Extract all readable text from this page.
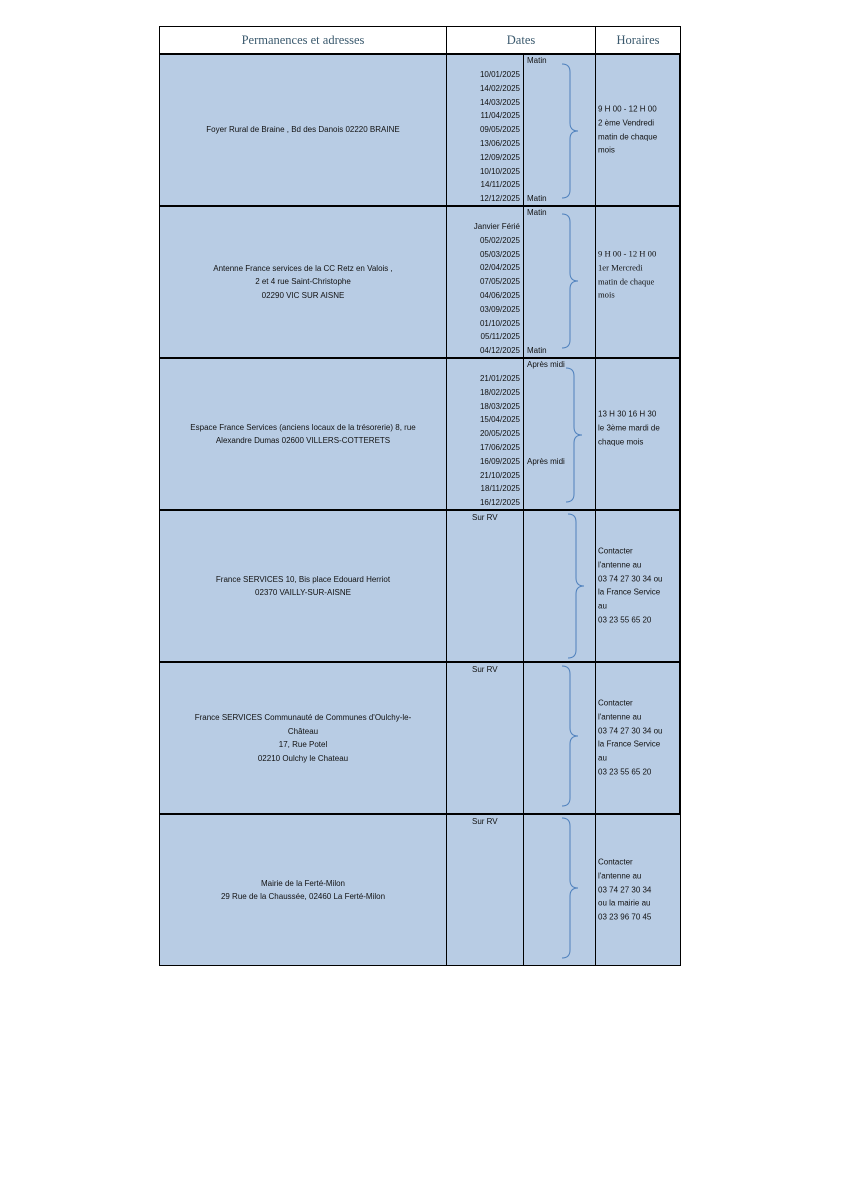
Permanences et adresses	Dates	Horaires
Foyer Rural de Braine , Bd des Danois 02220 BRAINE
10/01/2025
14/02/2025
14/03/2025
11/04/2025
09/05/2025
13/06/2025
12/09/2025
10/10/2025
14/11/2025
12/12/2025
Matin
Matin
9 H 00 - 12 H 00
2 ème Vendredi
matin de chaque
mois
Antenne France services de la CC Retz en Valois ,
2 et 4 rue Saint-Christophe
02290 VIC SUR AISNE
Janvier Férié
05/02/2025
05/03/2025
02/04/2025
07/05/2025
04/06/2025
03/09/2025
01/10/2025
05/11/2025
04/12/2025
Matin
Matin
9 H 00 - 12 H 00
1er Mercredi
matin de chaque
mois
Espace France Services (anciens locaux de la trésorerie) 8, rue
Alexandre Dumas 02600 VILLERS-COTTERETS
21/01/2025
18/02/2025
18/03/2025
15/04/2025
20/05/2025
17/06/2025
16/09/2025
21/10/2025
18/11/2025
16/12/2025
Après midi
Après midi
13 H 30 16 H 30
le 3ème mardi de
chaque mois
France SERVICES 10, Bis place Edouard Herriot
02370 VAILLY-SUR-AISNE
Sur RV
Contacter
l'antenne au
03 74 27 30 34 ou
la France Service
au
03 23 55 65 20
France SERVICES Communauté de Communes d'Oulchy-le-
Château
17, Rue Potel
02210 Oulchy le Chateau
Sur RV
Contacter
l'antenne au
03 74 27 30 34 ou
la France Service
au
03 23 55 65 20
Mairie de la Ferté-Milon
29 Rue de la Chaussée, 02460 La Ferté-Milon
Sur RV
Contacter
l'antenne au
03 74 27 30 34
ou la mairie au
03 23 96 70 45
